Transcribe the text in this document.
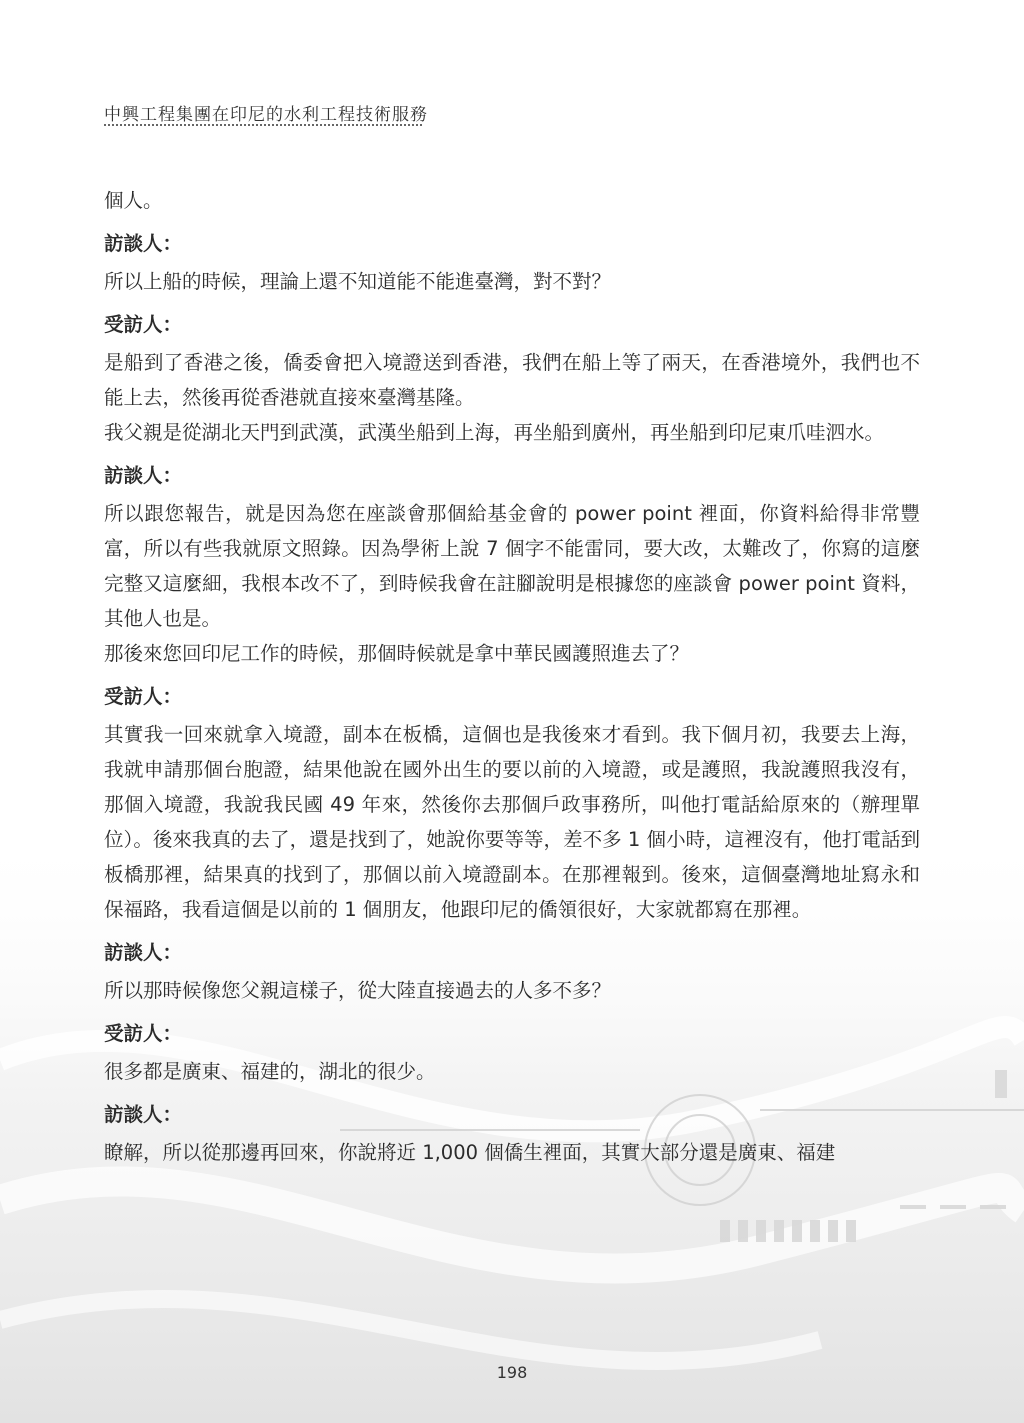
中興工程集團在印尼的水利工程技術服務
個人。
訪談人：
所以上船的時候，理論上還不知道能不能進臺灣，對不對？
受訪人：
是船到了香港之後，僑委會把入境證送到香港，我們在船上等了兩天，在香港境外，我們也不能上去，然後再從香港就直接來臺灣基隆。
我父親是從湖北天門到武漢，武漢坐船到上海，再坐船到廣州，再坐船到印尼東爪哇泗水。
訪談人：
所以跟您報告，就是因為您在座談會那個給基金會的 power point 裡面，你資料給得非常豐富，所以有些我就原文照錄。因為學術上說 7 個字不能雷同，要大改，太難改了，你寫的這麼完整又這麼細，我根本改不了，到時候我會在註腳說明是根據您的座談會 power point 資料，其他人也是。
那後來您回印尼工作的時候，那個時候就是拿中華民國護照進去了？
受訪人：
其實我一回來就拿入境證，副本在板橋，這個也是我後來才看到。我下個月初，我要去上海，我就申請那個台胞證，結果他說在國外出生的要以前的入境證，或是護照，我說護照我沒有，那個入境證，我說我民國 49 年來，然後你去那個戶政事務所，叫他打電話給原來的（辦理單位）。後來我真的去了，還是找到了，她說你要等等，差不多 1 個小時，這裡沒有，他打電話到板橋那裡，結果真的找到了，那個以前入境證副本。在那裡報到。後來，這個臺灣地址寫永和保福路，我看這個是以前的 1 個朋友，他跟印尼的僑領很好，大家就都寫在那裡。
訪談人：
所以那時候像您父親這樣子，從大陸直接過去的人多不多？
受訪人：
很多都是廣東、福建的，湖北的很少。
訪談人：
瞭解，所以從那邊再回來，你說將近 1,000 個僑生裡面，其實大部分還是廣東、福建
198
